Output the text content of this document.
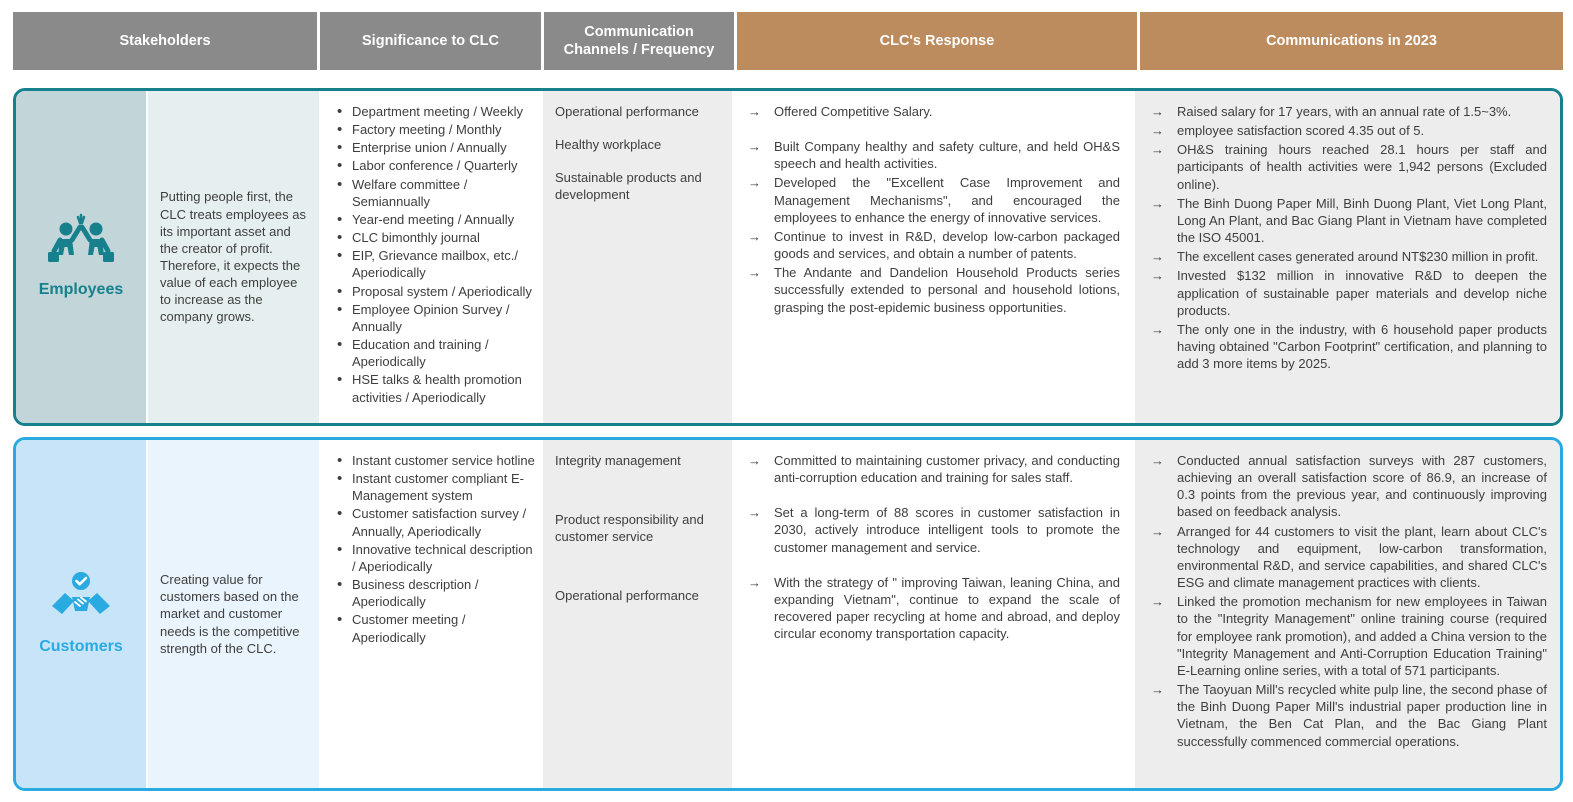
Stakeholders	Significance to CLC
Communication Channels / Frequency
CLC's Response	Communications in 2023
Employees
Putting people first, the CLC treats employees as its important asset and the creator of profit. Therefore, it expects the value of each employee to increase as the company grows.
• Department meeting / Weekly
• Factory meeting / Monthly
• Enterprise union / Annually
• Labor conference / Quarterly
• Welfare committee / Semiannually
• Year-end meeting / Annually
• CLC bimonthly journal
• EIP, Grievance mailbox, etc./ Aperiodically
• Proposal system / Aperiodically
• Employee Opinion Survey / Annually
• Education and training / Aperiodically
• HSE talks & health promotion activities / Aperiodically
Operational performance
Healthy workplace
Sustainable products and development
→ Offered Competitive Salary.
→ Built Company healthy and safety culture, and held OH&S speech and health activities.
→ Developed the "Excellent Case Improvement and Management Mechanisms", and encouraged the employees to enhance the energy of innovative services.
→ Continue to invest in R&D, develop low-carbon packaged goods and services, and obtain a number of patents.
→ The Andante and Dandelion Household Products series successfully extended to personal and household lotions, grasping the post-epidemic business opportunities.
→ Raised salary for 17 years, with an annual rate of 1.5~3%.
→ employee satisfaction scored 4.35 out of 5.
→ OH&S training hours reached 28.1 hours per staff and participants of health activities were 1,942 persons (Excluded online).
→ The Binh Duong Paper Mill, Binh Duong Plant, Viet Long Plant, Long An Plant, and Bac Giang Plant in Vietnam have completed the ISO 45001.
→ The excellent cases generated around NT$230 million in profit.
→ Invested $132 million in innovative R&D to deepen the application of sustainable paper materials and develop niche products.
→ The only one in the industry, with 6 household paper products having obtained "Carbon Footprint" certification, and planning to add 3 more items by 2025.
Customers
Creating value for customers based on the market and customer needs is the competitive strength of the CLC.
• Instant customer service hotline
• Instant customer compliant E-Management system
• Customer satisfaction survey / Annually, Aperiodically
• Innovative technical description / Aperiodically
• Business description / Aperiodically
• Customer meeting / Aperiodically
Integrity management
Product responsibility and customer service
Operational performance
→ Committed to maintaining customer privacy, and conducting anti-corruption education and training for sales staff.
→ Set a long-term of 88 scores in customer satisfaction in 2030, actively introduce intelligent tools to promote the customer management and service.
→ With the strategy of " improving Taiwan, leaning China, and expanding Vietnam", continue to expand the scale of recovered paper recycling at home and abroad, and deploy circular economy transportation capacity.
→ Conducted annual satisfaction surveys with 287 customers, achieving an overall satisfaction score of 86.9, an increase of 0.3 points from the previous year, and continuously improving based on feedback analysis.
→ Arranged for 44 customers to visit the plant, learn about CLC's technology and equipment, low-carbon transformation, environmental R&D, and service capabilities, and shared CLC's ESG and climate management practices with clients.
→ Linked the promotion mechanism for new employees in Taiwan to the "Integrity Management" online training course (required for employee rank promotion), and added a China version to the "Integrity Management and Anti-Corruption Education Training" E-Learning online series, with a total of 571 participants.
→ The Taoyuan Mill's recycled white pulp line, the second phase of the Binh Duong Paper Mill's industrial paper production line in Vietnam, the Ben Cat Plan, and the Bac Giang Plant successfully commenced commercial operations.
